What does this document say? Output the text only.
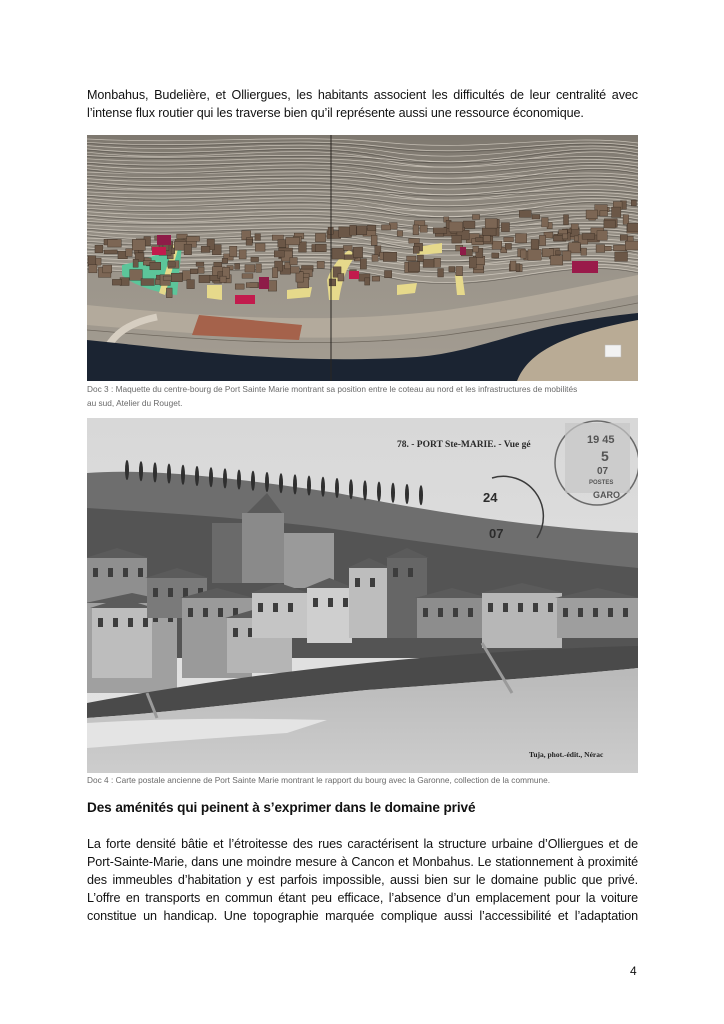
Monbahus, Budelière, et Olliergues, les habitants associent les difficultés de leur centralité avec
l’intense flux routier qui les traverse bien qu’il représente aussi une ressource économique.

Doc 3 : Maquette du centre-bourg de Port Sainte Marie montrant sa position entre le coteau au nord et les infrastructures de mobilités
au sud, Atelier du Rouget.

78. - PORT Ste-MARIE. - Vue gé
Tuja, phot.-édit., Nérac
24
07
19 45
5
07
POSTES
GARO

Doc 4 : Carte postale ancienne de Port Sainte Marie montrant le rapport du bourg avec la Garonne, collection de la commune.

Des aménités qui peinent à s’exprimer dans le domaine privé

La forte densité bâtie et l’étroitesse des rues caractérisent la structure urbaine d’Olliergues et de
Port-Sainte-Marie, dans une moindre mesure à Cancon et Monbahus. Le stationnement à proximité
des immeubles d’habitation y est parfois impossible, aussi bien sur le domaine public que privé.
L’offre en transports en commun étant peu efficace, l’absence d’un emplacement pour la voiture
constitue un handicap. Une topographie marquée complique aussi l’accessibilité et l’adaptation

4
